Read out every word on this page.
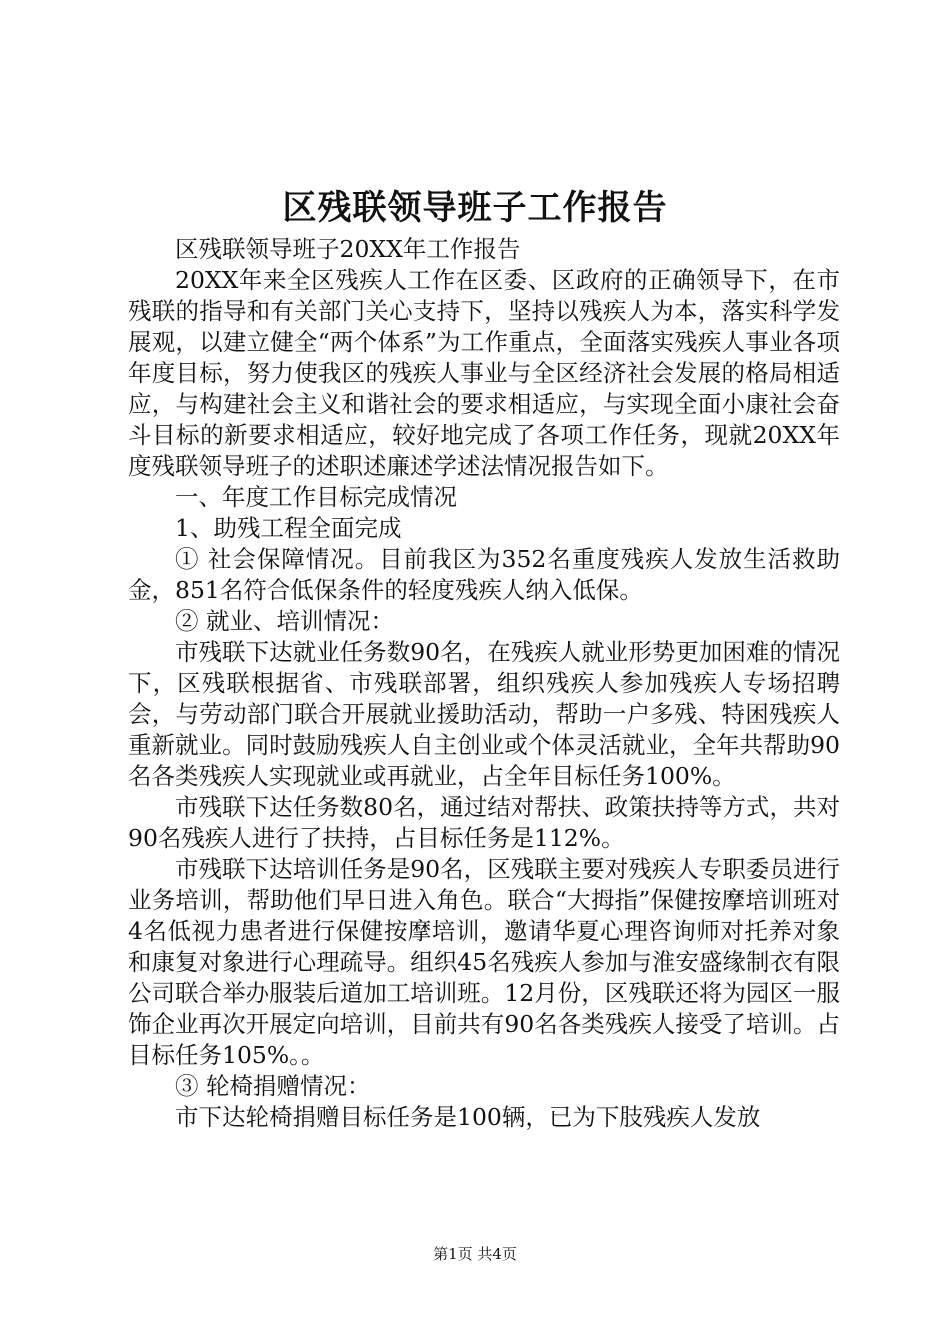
区残联领导班子工作报告

区残联领导班子20XX年工作报告

20XX年来全区残疾人工作在区委、区政府的正确领导下，在市残联的指导和有关部门关心支持下，坚持以残疾人为本，落实科学发展观，以建立健全“两个体系”为工作重点，全面落实残疾人事业各项年度目标，努力使我区的残疾人事业与全区经济社会发展的格局相适应，与构建社会主义和谐社会的要求相适应，与实现全面小康社会奋斗目标的新要求相适应，较好地完成了各项工作任务，现就20XX年度残联领导班子的述职述廉述学述法情况报告如下。

一、年度工作目标完成情况

1、助残工程全面完成

① 社会保障情况。目前我区为352名重度残疾人发放生活救助金，851名符合低保条件的轻度残疾人纳入低保。

② 就业、培训情况：

市残联下达就业任务数90名，在残疾人就业形势更加困难的情况下，区残联根据省、市残联部署，组织残疾人参加残疾人专场招聘会，与劳动部门联合开展就业援助活动，帮助一户多残、特困残疾人重新就业。同时鼓励残疾人自主创业或个体灵活就业，全年共帮助90名各类残疾人实现就业或再就业，占全年目标任务100%。

市残联下达任务数80名，通过结对帮扶、政策扶持等方式，共对90名残疾人进行了扶持，占目标任务是112%。

市残联下达培训任务是90名，区残联主要对残疾人专职委员进行业务培训，帮助他们早日进入角色。联合“大拇指”保健按摩培训班对4名低视力患者进行保健按摩培训，邀请华夏心理咨询师对托养对象和康复对象进行心理疏导。组织45名残疾人参加与淮安盛缘制衣有限公司联合举办服装后道加工培训班。12月份，区残联还将为园区一服饰企业再次开展定向培训，目前共有90名各类残疾人接受了培训。占目标任务105%。。

③ 轮椅捐赠情况：

市下达轮椅捐赠目标任务是100辆，已为下肢残疾人发放

第1页 共4页
